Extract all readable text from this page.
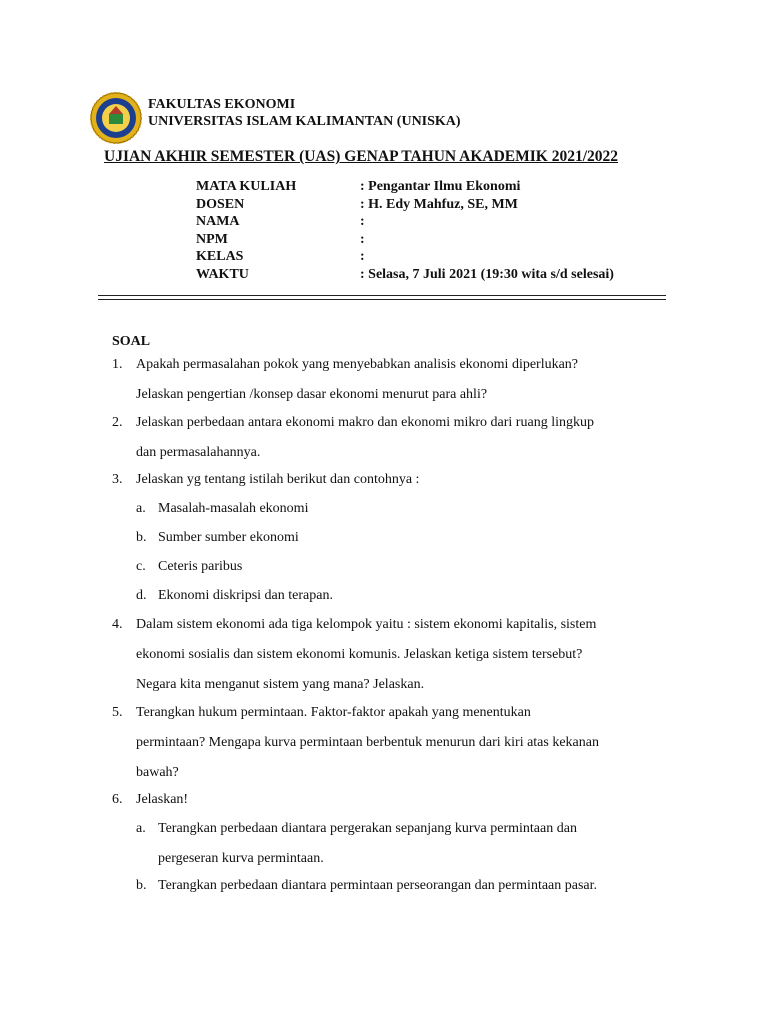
FAKULTAS EKONOMI
UNIVERSITAS ISLAM KALIMANTAN (UNISKA)
UJIAN AKHIR SEMESTER (UAS) GENAP TAHUN AKADEMIK 2021/2022
MATA KULIAH	: Pengantar Ilmu Ekonomi
DOSEN	: H. Edy Mahfuz, SE, MM
NAMA	:
NPM	:
KELAS	:
WAKTU	: Selasa, 7 Juli 2021 (19:30 wita s/d selesai)
SOAL
1. Apakah permasalahan pokok yang menyebabkan analisis ekonomi diperlukan?
Jelaskan pengertian /konsep dasar ekonomi menurut para ahli?
2. Jelaskan perbedaan antara ekonomi makro dan ekonomi mikro dari ruang lingkup
dan permasalahannya.
3. Jelaskan yg tentang istilah berikut dan contohnya :
a. Masalah-masalah ekonomi
b. Sumber sumber ekonomi
c. Ceteris paribus
d. Ekonomi diskripsi dan terapan.
4. Dalam sistem ekonomi ada tiga kelompok yaitu : sistem ekonomi kapitalis, sistem
ekonomi sosialis dan sistem ekonomi komunis. Jelaskan ketiga sistem tersebut?
Negara kita menganut sistem yang mana? Jelaskan.
5. Terangkan hukum permintaan. Faktor-faktor apakah yang menentukan
permintaan? Mengapa kurva permintaan berbentuk menurun dari kiri atas kekanan
bawah?
6. Jelaskan!
a. Terangkan perbedaan diantara pergerakan sepanjang kurva permintaan dan
pergeseran kurva permintaan.
b. Terangkan perbedaan diantara permintaan perseorangan dan permintaan pasar.
